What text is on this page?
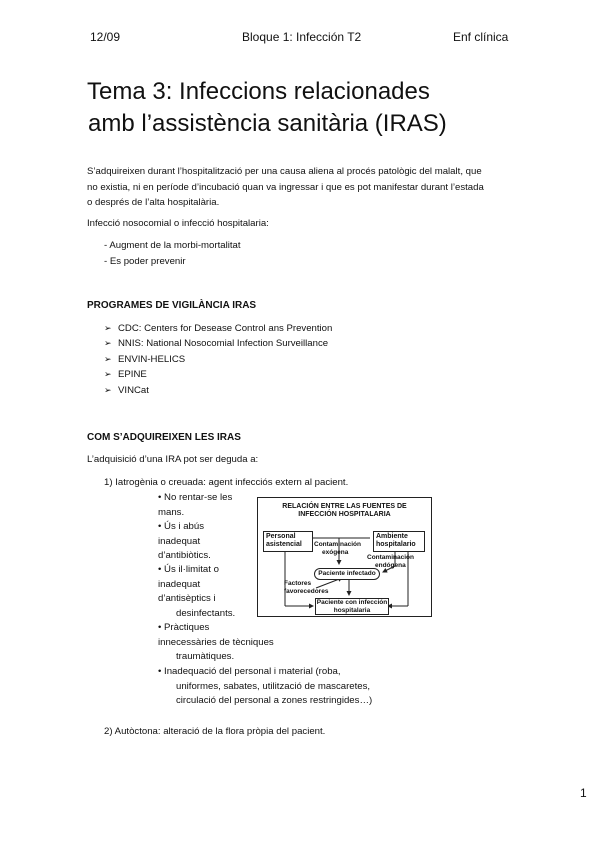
12/09	Bloque 1: Infección T2	Enf clínica
Tema 3: Infeccions relacionades
amb l’assistència sanitària (IRAS)
S’adquireixen durant l’hospitalització per una causa aliena al procés patològic del malalt, que
no existia, ni en període d’incubació quan va ingressar i que es pot manifestar durant l’estada
o després de l’alta hospitalària.
Infecció nosocomial o infecció hospitalaria:
- Augment de la morbi-mortalitat
- Es poder prevenir
PROGRAMES DE VIGILÀNCIA IRAS
➢ CDC: Centers for Desease Control ans Prevention
➢ NNIS: National Nosocomial Infection Surveillance
➢ ENVIN-HELICS
➢ EPINE
➢ VINCat
COM S’ADQUIREIXEN LES IRAS
L’adquisició d’una IRA pot ser deguda a:
1) Iatrogènia o creuada: agent infecciós extern al pacient.
• No rentar-se les
mans.
• Ús i abús
inadequat
d’antibiòtics.
• Ús il·limitat o
inadequat
d’antisèptics i
desinfectants.
• Pràctiques
innecessàries de tècniques
traumàtiques.
• Inadequació del personal i material (roba,
uniformes, sabates, utilització de mascaretes,
circulació del personal a zones restringides…)
2) Autòctona: alteració de la flora pròpia del pacient.
RELACIÓN ENTRE LAS FUENTES DE
INFECCIÓN HOSPITALARIA
Personal
asistencial
Ambiente
hospitalario
Contaminación
exógena
Contaminación
endógena
Paciente infectado
Factores
favorecedores
Paciente con infección
hospitalaria
1
